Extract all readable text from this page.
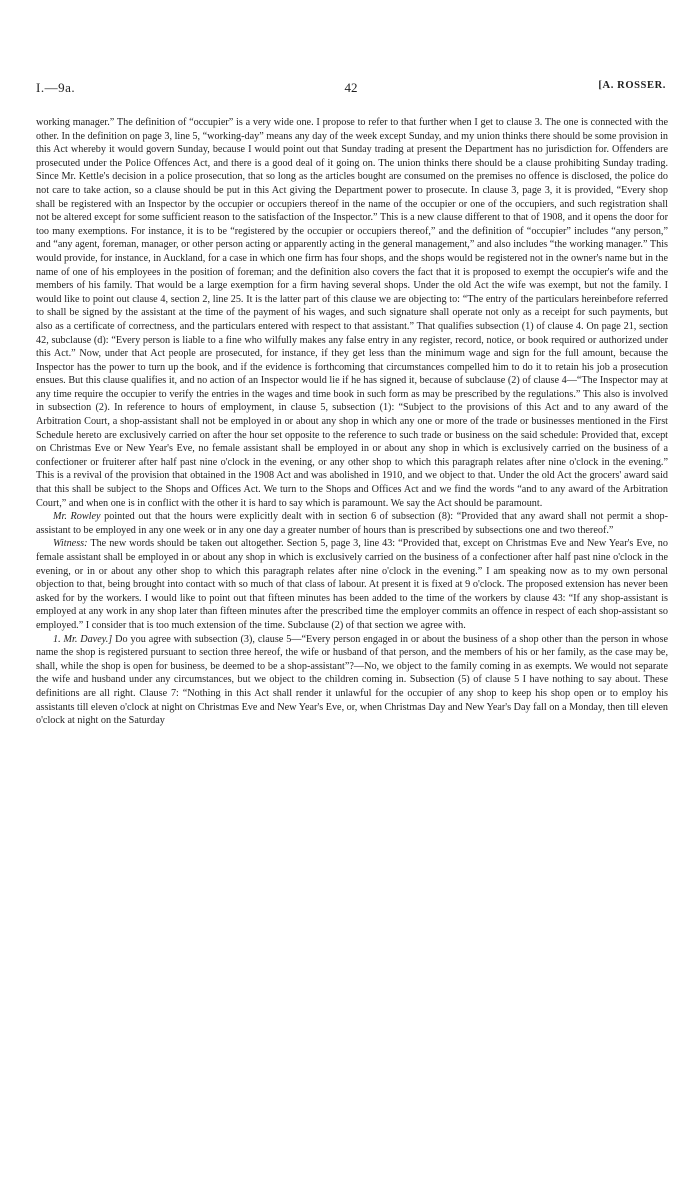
I.—9a.	42	[A. ROSSER.

working manager.” The definition of “occupier” is a very wide one. I propose to refer to that further when I get to clause 3. The one is connected with the other. In the definition on page 3, line 5, “working-day” means any day of the week except Sunday, and my union thinks there should be some provision in this Act whereby it would govern Sunday, because I would point out that Sunday trading at present the Department has no jurisdiction for. Offenders are prosecuted under the Police Offences Act, and there is a good deal of it going on. The union thinks there should be a clause prohibiting Sunday trading. Since Mr. Kettle's decision in a police prosecution, that so long as the articles bought are consumed on the premises no offence is disclosed, the police do not care to take action, so a clause should be put in this Act giving the Department power to prosecute. In clause 3, page 3, it is provided, “Every shop shall be registered with an Inspector by the occupier or occupiers thereof in the name of the occupier or one of the occupiers, and such registration shall not be altered except for some sufficient reason to the satisfaction of the Inspector.” This is a new clause different to that of 1908, and it opens the door for too many exemptions. For instance, it is to be “registered by the occupier or occupiers thereof,” and the definition of “occupier” includes “any person,” and “any agent, foreman, manager, or other person acting or apparently acting in the general management,” and also includes “the working manager.” This would provide, for instance, in Auckland, for a case in which one firm has four shops, and the shops would be registered not in the owner's name but in the name of one of his employees in the position of foreman; and the definition also covers the fact that it is proposed to exempt the occupier's wife and the members of his family. That would be a large exemption for a firm having several shops. Under the old Act the wife was exempt, but not the family. I would like to point out clause 4, section 2, line 25. It is the latter part of this clause we are objecting to: “The entry of the particulars hereinbefore referred to shall be signed by the assistant at the time of the payment of his wages, and such signature shall operate not only as a receipt for such payments, but also as a certificate of correctness, and the particulars entered with respect to that assistant.” That qualifies subsection (1) of clause 4. On page 21, section 42, subclause (d): “Every person is liable to a fine who wilfully makes any false entry in any register, record, notice, or book required or authorized under this Act.” Now, under that Act people are prosecuted, for instance, if they get less than the minimum wage and sign for the full amount, because the Inspector has the power to turn up the book, and if the evidence is forthcoming that circumstances compelled him to do it to retain his job a prosecution ensues. But this clause qualifies it, and no action of an Inspector would lie if he has signed it, because of subclause (2) of clause 4—“The Inspector may at any time require the occupier to verify the entries in the wages and time book in such form as may be prescribed by the regulations.” This also is involved in subsection (2). In reference to hours of employment, in clause 5, subsection (1): “Subject to the provisions of this Act and to any award of the Arbitration Court, a shop-assistant shall not be employed in or about any shop in which any one or more of the trade or businesses mentioned in the First Schedule hereto are exclusively carried on after the hour set opposite to the reference to such trade or business on the said schedule: Provided that, except on Christmas Eve or New Year's Eve, no female assistant shall be employed in or about any shop in which is exclusively carried on the business of a confectioner or fruiterer after half past nine o'clock in the evening, or any other shop to which this paragraph relates after nine o'clock in the evening.” This is a revival of the provision that obtained in the 1908 Act and was abolished in 1910, and we object to that. Under the old Act the grocers' award said that this shall be subject to the Shops and Offices Act. We turn to the Shops and Offices Act and we find the words “and to any award of the Arbitration Court,” and when one is in conflict with the other it is hard to say which is paramount. We say the Act should be paramount.

Mr. Rowley pointed out that the hours were explicitly dealt with in section 6 of subsection (8): “Provided that any award shall not permit a shop-assistant to be employed in any one week or in any one day a greater number of hours than is prescribed by subsections one and two thereof.”

Witness: The new words should be taken out altogether. Section 5, page 3, line 43: “Provided that, except on Christmas Eve and New Year's Eve, no female assistant shall be employed in or about any shop in which is exclusively carried on the business of a confectioner after half past nine o'clock in the evening, or in or about any other shop to which this paragraph relates after nine o'clock in the evening.” I am speaking now as to my own personal objection to that, being brought into contact with so much of that class of labour. At present it is fixed at 9 o'clock. The proposed extension has never been asked for by the workers. I would like to point out that fifteen minutes has been added to the time of the workers by clause 43: “If any shop-assistant is employed at any work in any shop later than fifteen minutes after the prescribed time the employer commits an offence in respect of each shop-assistant so employed.” I consider that is too much extension of the time. Subclause (2) of that section we agree with.

1. Mr. Davey.] Do you agree with subsection (3), clause 5—“Every person engaged in or about the business of a shop other than the person in whose name the shop is registered pursuant to section three hereof, the wife or husband of that person, and the members of his or her family, as the case may be, shall, while the shop is open for business, be deemed to be a shop-assistant”?—No, we object to the family coming in as exempts. We would not separate the wife and husband under any circumstances, but we object to the children coming in. Subsection (5) of clause 5 I have nothing to say about. These definitions are all right. Clause 7: “Nothing in this Act shall render it unlawful for the occupier of any shop to keep his shop open or to employ his assistants till eleven o'clock at night on Christmas Eve and New Year's Eve, or, when Christmas Day and New Year's Day fall on a Monday, then till eleven o'clock at night on the Saturday
